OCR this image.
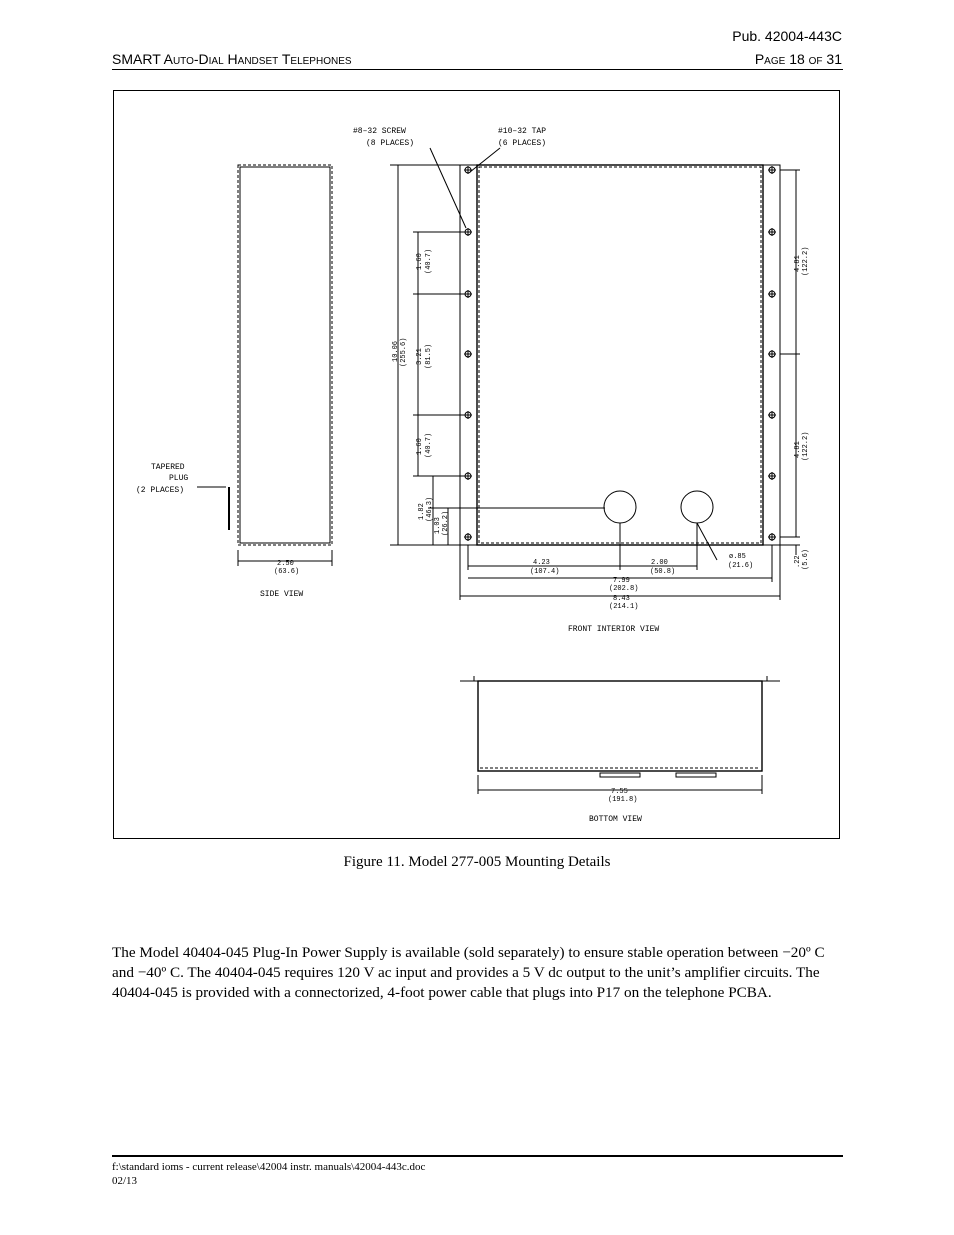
Pub. 42004-443C
SMART Auto-Dial Handset Telephones	Page 18 of 31
#8–32 SCREW
(8 PLACES)
#10–32 TAP
(6 PLACES)
TAPERED
PLUG
(2 PLACES)
SIDE VIEW
FRONT INTERIOR VIEW
BOTTOM VIEW
2.50
(63.6)
4.23
(107.4)
2.00
(50.8)
ø.85
(21.6)
7.99
(202.8)
8.43
(214.1)
7.55
(191.8)
10.06 (255.6)
1.60 (40.7)
3.21 (81.5)
1.60 (40.7)
1.82 (46.3)
1.03 (26.2)
4.81 (122.2)
4.81 (122.2)
.22 (5.6)
Figure 11. Model 277-005 Mounting Details
The Model 40404-045 Plug-In Power Supply is available (sold separately) to ensure stable operation between −20º C and −40º C. The 40404-045 requires 120 V ac input and provides a 5 V dc output to the unit’s amplifier circuits. The 40404-045 is provided with a connectorized, 4-foot power cable that plugs into P17 on the telephone PCBA.
f:\standard ioms - current release\42004 instr. manuals\42004-443c.doc
02/13
